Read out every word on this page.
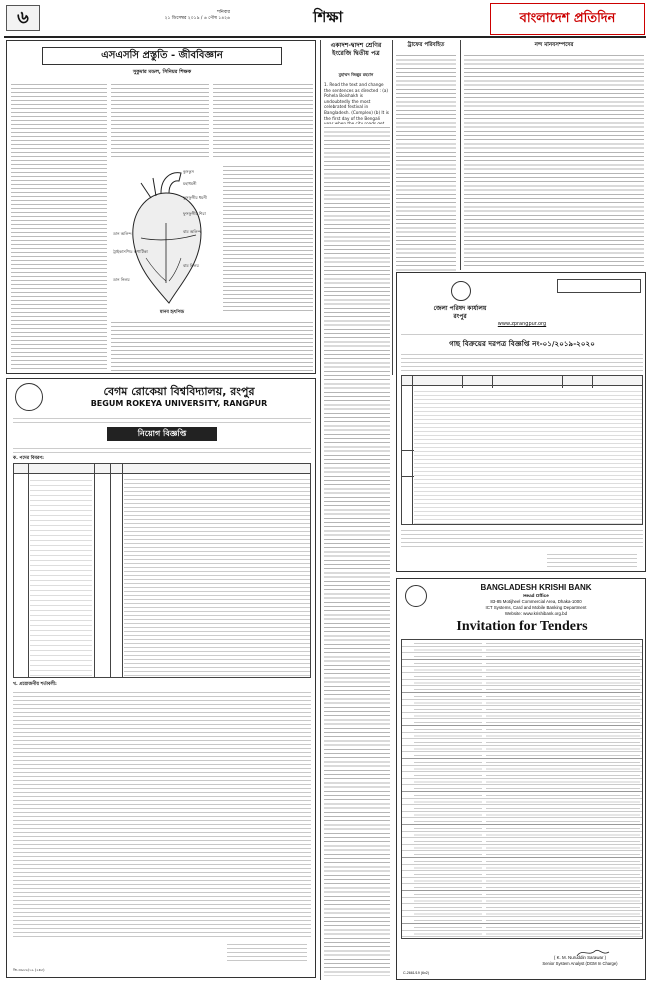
৬	শনিবার
২১ ডিসেম্বর ২০১৯ / ৬ পৌষ ১৪২৬	শিক্ষা	বাংলাদেশ প্রতিদিন
এসএসসি প্রস্তুতি - জীববিজ্ঞান
সুকুমার মন্ডল, সিনিয়র শিক্ষক
কুসকুস
মহাধমনী
ফুসফুসীয় ধমনী
ফুসফুসীয় শিরা
বাম অলিন্দ
ডান অলিন্দ
ট্রাইকাসপিড কপাটিকা
বাম নিলয়
ডান নিলয়
মানব হৃৎপিন্ড
বেগম রোকেয়া বিশ্ববিদ্যালয়, রংপুর
BEGUM ROKEYA UNIVERSITY, RANGPUR
নিয়োগ বিজ্ঞপ্তি
ক. পদের বিবরণ:
খ. প্রয়োজনীয় শর্তাবলী:
জি-৩৬৮৬/১৯ (২x৫)
একাদশ-দ্বাদশ শ্রেণির ইংরেজি দ্বিতীয় পত্র
মুহাম্মদ জিল্লুর রহমান
1. Read the text and change the sentences as directed : (a) Pohela Boishakh is undoubtedly the most celebrated festival in Bangladesh. (Complex) (b) It is the first day of the Bengali
ট্রাফের পরিবহিত	নন্দ মানবসম্পদের
জেলা পরিষদ কার্যালয়
রংপুর
www.zprangpur.org
গাছ বিক্রয়ের দরপত্র বিজ্ঞপ্তি নং-০১/২০১৯-২০২০
BANGLADESH KRISHI BANK
Head Office
83-85 Motijheel Commercial Area, Dhaka-1000
ICT Systems, Card and Mobile Banking Department
Website: www.krishibank.org.bd
Invitation for Tenders
( K. M. Nuruddin Sarawar )
Senior System Analyst (DGM In Charge)
C-2661/19 (6x2)
